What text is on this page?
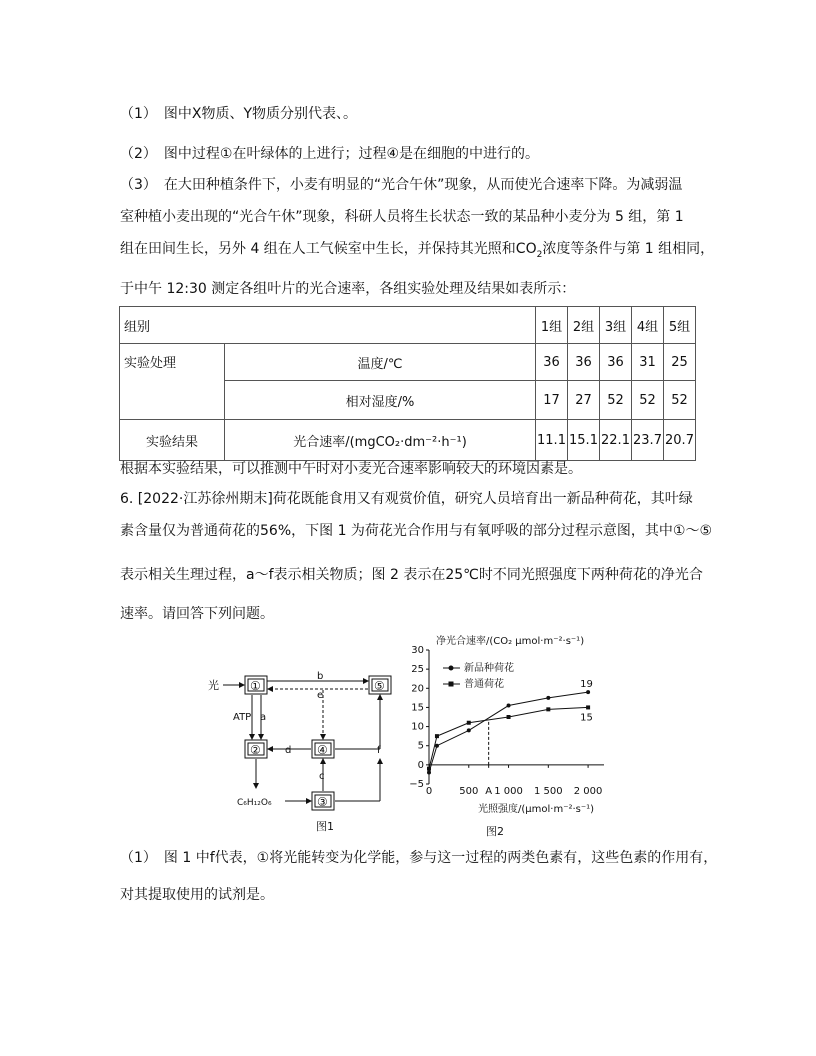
（1）　图中X物质、Y物质分别代表、。
（2）　图中过程①在叶绿体的上进行；过程④是在细胞的中进行的。
（3）　在大田种植条件下，小麦有明显的“光合午休”现象，从而使光合速率下降。为减弱温
室种植小麦出现的“光合午休”现象，科研人员将生长状态一致的某品种小麦分为 5 组，第 1
组在田间生长，另外 4 组在人工气候室中生长，并保持其光照和$CO_2$浓度等条件与第 1 组相同，
于中午 12:30 测定各组叶片的光合速率，各组实验处理及结果如表所示：
组别		1组	2组	3组	4组	5组
实验处理	温度/℃	36	36	36	31	25
	相对湿度/%	17	27	52	52	52
实验结果	光合速率/(mgCO₂·dm⁻²·h⁻¹)	11.1	15.1	22.1	23.7	20.7
根据本实验结果，可以推测中午时对小麦光合速率影响较大的环境因素是。
6. [2022·江苏徐州期末]荷花既能食用又有观赏价值，研究人员培育出一新品种荷花，其叶绿
素含量仅为普通荷花的56%，下图 1 为荷花光合作用与有氧呼吸的部分过程示意图，其中①～⑤
表示相关生理过程，a～f表示相关物质；图 2 表示在25℃时不同光照强度下两种荷花的净光合
速率。请回答下列问题。
光	①
②
③
④
⑤
ATP a
b
e
d	f
c
C₆H₁₂O₆
图1
净光合速率/(CO₂ μmol·m⁻²·s⁻¹)
光照强度/(μmol·m⁻²·s⁻¹)
图2
新品种荷花
普通荷花
−5
0
5
10
15
20
25
30
0	500 A 1 000 1 500 2 000
19
15
（1）　图 1 中f代表，①将光能转变为化学能，参与这一过程的两类色素有，这些色素的作用有，
对其提取使用的试剂是。
